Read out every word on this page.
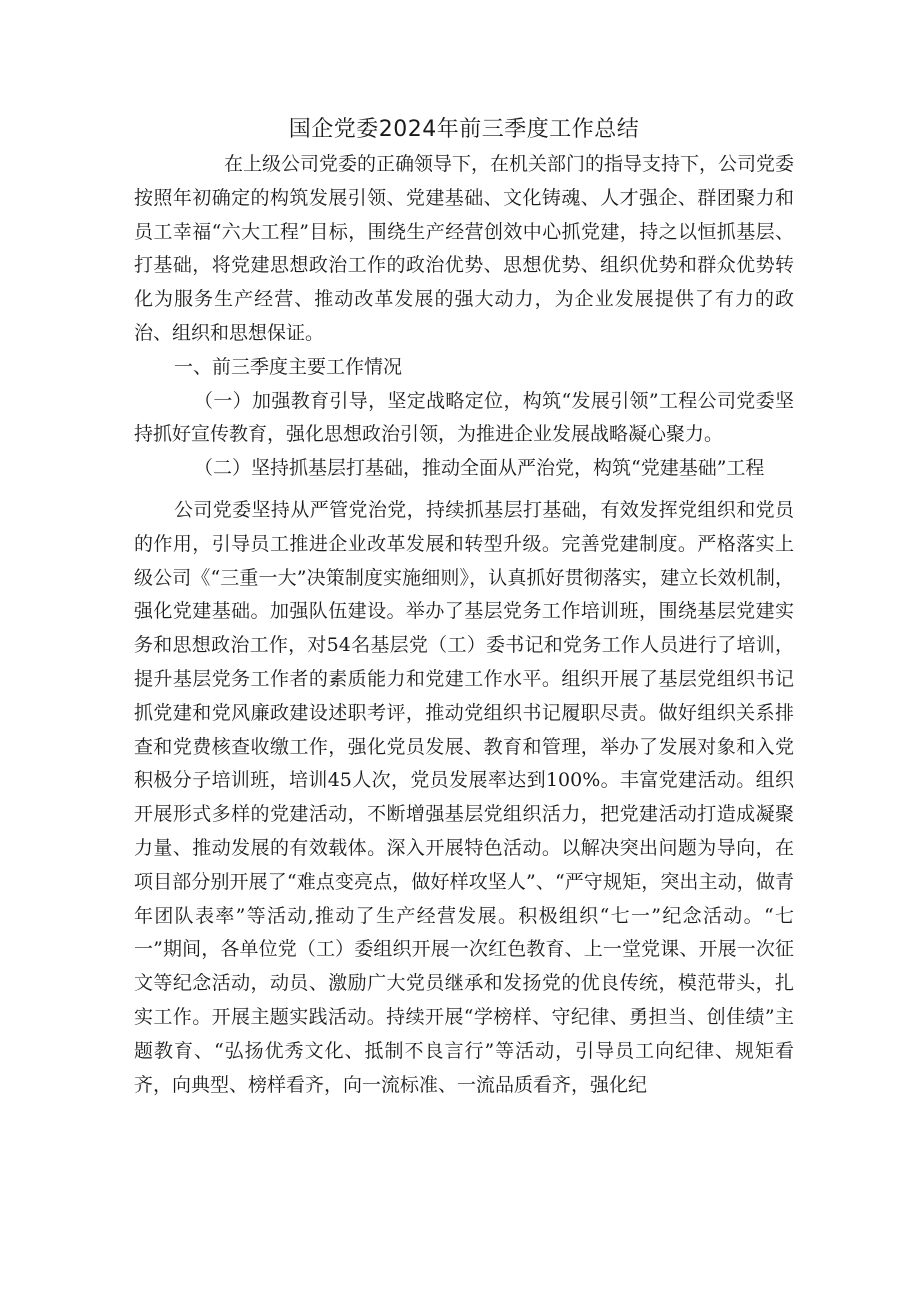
国企党委2024年前三季度工作总结

在上级公司党委的正确领导下，在机关部门的指导支持下，公司党委按照年初确定的构筑发展引领、党建基础、文化铸魂、人才强企、群团聚力和员工幸福“六大工程”目标，围绕生产经营创效中心抓党建，持之以恒抓基层、打基础，将党建思想政治工作的政治优势、思想优势、组织优势和群众优势转化为服务生产经营、推动改革发展的强大动力，为企业发展提供了有力的政治、组织和思想保证。

一、前三季度主要工作情况

（一）加强教育引导，坚定战略定位，构筑“发展引领”工程公司党委坚持抓好宣传教育，强化思想政治引领，为推进企业发展战略凝心聚力。

（二）坚持抓基层打基础，推动全面从严治党，构筑“党建基础”工程

公司党委坚持从严管党治党，持续抓基层打基础，有效发挥党组织和党员的作用，引导员工推进企业改革发展和转型升级。完善党建制度。严格落实上级公司《“三重一大”决策制度实施细则》，认真抓好贯彻落实，建立长效机制，强化党建基础。加强队伍建设。举办了基层党务工作培训班，围绕基层党建实务和思想政治工作，对54名基层党（工）委书记和党务工作人员进行了培训，提升基层党务工作者的素质能力和党建工作水平。组织开展了基层党组织书记抓党建和党风廉政建设述职考评，推动党组织书记履职尽责。做好组织关系排查和党费核查收缴工作，强化党员发展、教育和管理，举办了发展对象和入党积极分子培训班，培训45人次，党员发展率达到100%。丰富党建活动。组织开展形式多样的党建活动，不断增强基层党组织活力，把党建活动打造成凝聚力量、推动发展的有效载体。深入开展特色活动。以解决突出问题为导向，在项目部分别开展了“难点变亮点，做好样攻坚人”、“严守规矩，突出主动，做青年团队表率”等活动,推动了生产经营发展。积极组织“七一”纪念活动。“七一”期间，各单位党（工）委组织开展一次红色教育、上一堂党课、开展一次征文等纪念活动，动员、激励广大党员继承和发扬党的优良传统，模范带头，扎实工作。开展主题实践活动。持续开展“学榜样、守纪律、勇担当、创佳绩”主题教育、“弘扬优秀文化、抵制不良言行”等活动，引导员工向纪律、规矩看齐，向典型、榜样看齐，向一流标准、一流品质看齐，强化纪
